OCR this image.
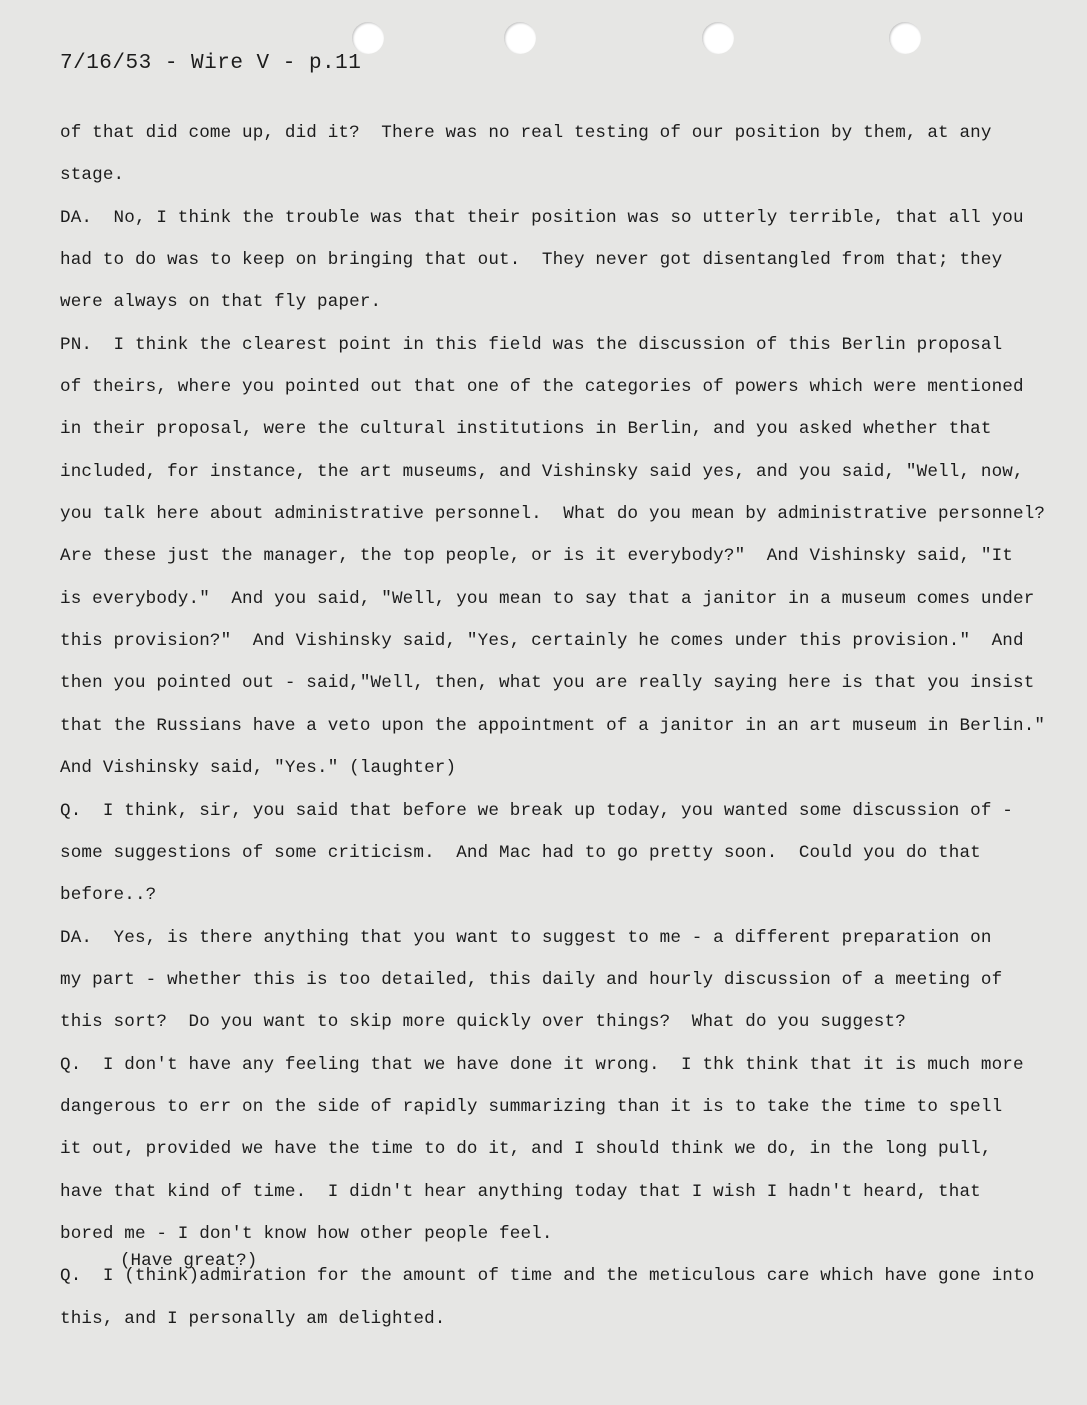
7/16/53 - Wire V - p.11
of that did come up, did it?  There was no real testing of our position by them, at any
stage.
DA.  No, I think the trouble was that their position was so utterly terrible, that all you
had to do was to keep on bringing that out.  They never got disentangled from that; they
were always on that fly paper.
PN.  I think the clearest point in this field was the discussion of this Berlin proposal
of theirs, where you pointed out that one of the categories of powers which were mentioned
in their proposal, were the cultural institutions in Berlin, and you asked whether that
included, for instance, the art museums, and Vishinsky said yes, and you said, "Well, now,
you talk here about administrative personnel.  What do you mean by administrative personnel?
Are these just the manager, the top people, or is it everybody?"  And Vishinsky said, "It
is everybody."  And you said, "Well, you mean to say that a janitor in a museum comes under
this provision?"  And Vishinsky said, "Yes, certainly he comes under this provision."  And
then you pointed out - said,"Well, then, what you are really saying here is that you insist
that the Russians have a veto upon the appointment of a janitor in an art museum in Berlin."
And Vishinsky said, "Yes." (laughter)
Q.  I think, sir, you said that before we break up today, you wanted some discussion of -
some suggestions of some criticism.  And Mac had to go pretty soon.  Could you do that
before..?
DA.  Yes, is there anything that you want to suggest to me - a different preparation on
my part - whether this is too detailed, this daily and hourly discussion of a meeting of
this sort?  Do you want to skip more quickly over things?  What do you suggest?
Q.  I don't have any feeling that we have done it wrong.  I thk think that it is much more
dangerous to err on the side of rapidly summarizing than it is to take the time to spell
it out, provided we have the time to do it, and I should think we do, in the long pull,
have that kind of time.  I didn't hear anything today that I wish I hadn't heard, that
bored me - I don't know how other people feel.
Q.  I (think)admiration for the amount of time and the meticulous care which have gone into
this, and I personally am delighted.
(Have great?)
